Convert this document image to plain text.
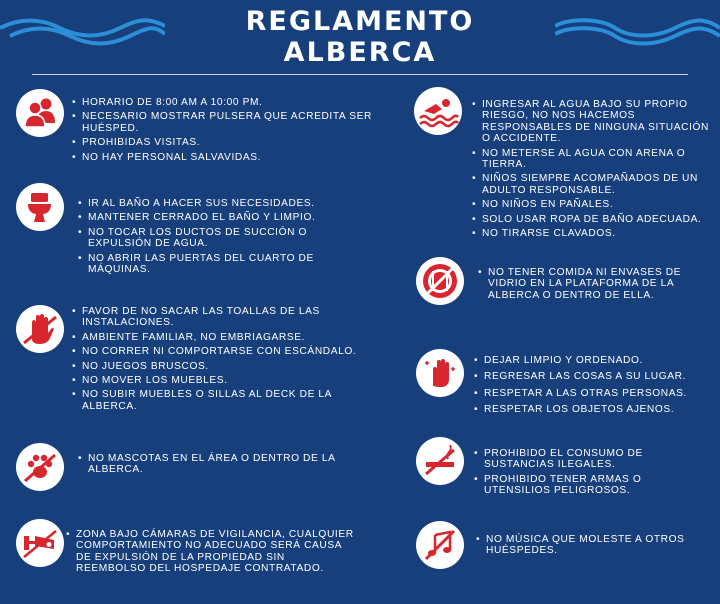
REGLAMENTO
ALBERCA
• HORARIO DE 8:00 AM A 10:00 PM.
• NECESARIO MOSTRAR PULSERA QUE ACREDITA SER HUÉSPED.
• PROHIBIDAS VISITAS.
• NO HAY PERSONAL SALVAVIDAS.
• IR AL BAÑO A HACER SUS NECESIDADES.
• MANTENER CERRADO EL BAÑO Y LIMPIO.
• NO TOCAR LOS DUCTOS DE SUCCIÓN O EXPULSIÓN DE AGUA.
• NO ABRIR LAS PUERTAS DEL CUARTO DE MÁQUINAS.
• FAVOR DE NO SACAR LAS TOALLAS DE LAS INSTALACIONES.
• AMBIENTE FAMILIAR, NO EMBRIAGARSE.
• NO CORRER NI COMPORTARSE CON ESCÁNDALO.
• NO JUEGOS BRUSCOS.
• NO MOVER LOS MUEBLES.
• NO SUBIR MUEBLES O SILLAS AL DECK DE LA ALBERCA.
• NO MASCOTAS EN EL ÁREA O DENTRO DE LA ALBERCA.
• ZONA BAJO CÁMARAS DE VIGILANCIA, CUALQUIER COMPORTAMIENTO NO ADECUADO SERÁ CAUSA DE EXPULSIÓN DE LA PROPIEDAD SIN REEMBOLSO DEL HOSPEDAJE CONTRATADO.
• INGRESAR AL AGUA BAJO SU PROPIO RIESGO, NO NOS HACEMOS RESPONSABLES DE NINGUNA SITUACIÓN O ACCIDENTE.
• NO METERSE AL AGUA CON ARENA O TIERRA.
• NIÑOS SIEMPRE ACOMPAÑADOS DE UN ADULTO RESPONSABLE.
• NO NIÑOS EN PAÑALES.
• SOLO USAR ROPA DE BAÑO ADECUADA.
• NO TIRARSE CLAVADOS.
• NO TENER COMIDA NI ENVASES DE VIDRIO EN LA PLATAFORMA DE LA ALBERCA O DENTRO DE ELLA.
• DEJAR LIMPIO Y ORDENADO.
• REGRESAR LAS COSAS A SU LUGAR.
• RESPETAR A LAS OTRAS PERSONAS.
• RESPETAR LOS OBJETOS AJENOS.
• PROHIBIDO EL CONSUMO DE SUSTANCIAS ILEGALES.
• PROHIBIDO TENER ARMAS O UTENSILIOS PELIGROSOS.
• NO MÚSICA QUE MOLESTE A OTROS HUÉSPEDES.
